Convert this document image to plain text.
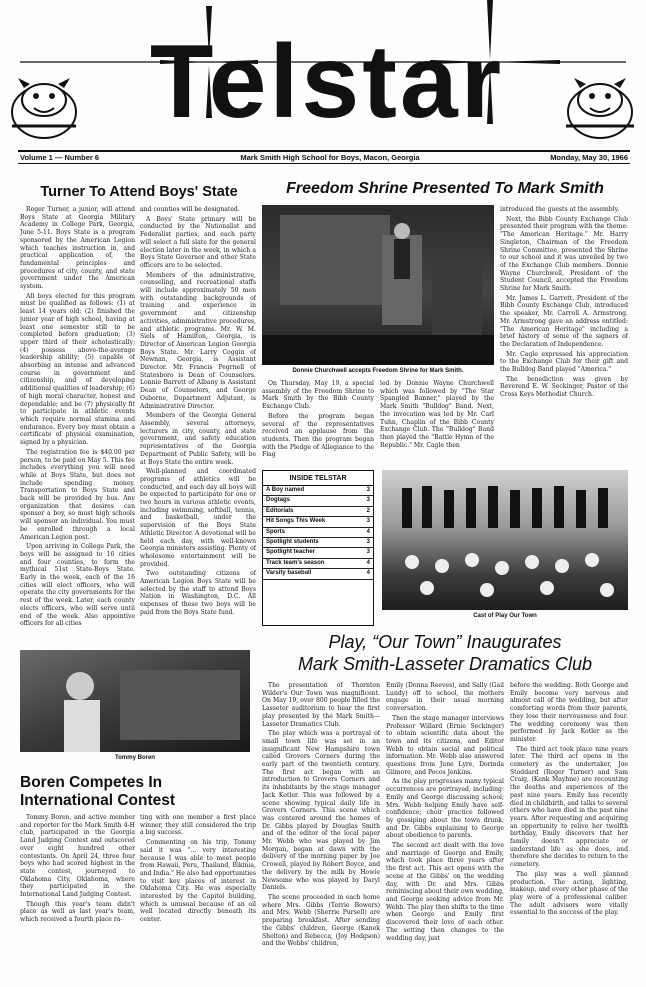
Telstar
Volume 1 — Number 6	Mark Smith High School for Boys, Macon, Georgia	Monday, May 30, 1966
Turner To Attend Boys' State

Roger Turner, a junior, will attend Boys State at Georgia Military Academy in College Park, Georgia, June 5-11. Boys State is a program sponsored by the American Legion which teaches instruction in, and practical application of, the fundamental principles and procedures of city, county, and state government under the American system.

All boys elected for this program must be qualified as follows: (1) at least 14 years old; (2) finished the junior year of high school, having at least one semester still to be completed before graduation; (3) upper third of their scholastically; (4) possess above-the-average leadership ability; (5) capable of absorbing an intense and advanced course in government and citizenship, and of developing additional qualities of leadership; (6) of high moral character, honest and dependable; and be (7) physically fit to participate in athletic events which require normal stamina and endurance. Every boy must obtain a certificate of physical examination, signed by a physician.

The registration fee is $40.00 per person, to be paid on May 5. This fee includes everything you will need while at Boys State, but does not include spending money. Transportation to Boys State and back will be provided by bus. Any organization that desires can sponsor a boy, so must high schools will sponsor an individual. You must be enrolled through a local American Legion post.

Upon arriving in College Park, the boys will be assigned to 16 cities and four counties, to form the mythical 51st State-Boys State. Early in the week, each of the 16 cities will elect officers, who will operate the city governments for the rest of the week. Later, each county elects officers, who will serve until end of the week. Also appointive officers for all cities

and counties will be designated.

A Boys' State primary will be conducted by the Nationalist and Federalist parties, and each party will select a full slate for the general election later in the week, in which a Boys State Governor and other State officers are to be selected.

Members of the administrative, counseling, and recreational staffs will include approximately 50 men with outstanding backgrounds of training and experience in government and citizenship activities, administrative procedures, and athletic programs. Mr. W. M. Siels of Hamilton, Georgia, is Director of American Legion Georgia Boys State. Mr. Larry Coggin of Newnan, Georgia, is Assistant Director. Mr. Francis Pegrnell of Statesboro is Dean of Counselors. Lonnie Barrett of Albany is Assistant Dean of Counselors, and George Osborne, Department Adjutant, is Administrative Director.

Members of the Georgia General Assembly, several attorneys, lecturers in city, county, and state government, and safety education representatives of the Georgia Department of Public Safety, will be at Boys State the entire week.

Well-planned and coordinated programs of athletics will be conducted, and each day all boys will be expected to participate for one or two hours in various athletic events, including swimming, softball, tennis, and basketball, under the supervision of the Boys State Athletic Director. A devotional will be held each day, with well-known Georgia ministers assisting. Plenty of wholesome entertainment will be provided.

Two outstanding citizens of American Legion Boys State will be selected by the staff to attend Boys Nation in Washington, D.C. All expenses of these two boys will be paid from the Boys State fund.

Freedom Shrine Presented To Mark Smith
Donnie Churchwell accepts Freedom Shrine for Mark Smith.

On Thursday, May 19, a special assembly of the Freedom Shrine to Mark Smith by the Bibb County Exchange Club.

Before the program began several of the representatives received an applause from the students. Then the program began with the Pledge of Allegiance to the Flag

led by Donnie Wayne Churchwell which was followed by "The Star Spangled Banner," played by the Mark Smith "Bulldog" Band. Next, the invocation was led by Mr. Carl Tuhn, Chaplin of the Bibb County Exchange Club. The "Bulldog" Band then played the "Battle Hymn of the Republic." Mr. Cagle then

introduced the guests at the assembly.

Next, the Bibb County Exchange Club presented their program with the theme: "The American Heritage." Mr. Harry Singleton, Chairman of the Freedom Shrine Committee, presented the Shrine to our school and it was unveiled by two of the Exchange Club members. Donnie Wayne Churchwell, President of the Student Council, accepted the Freedom Shrine for Mark Smith.

Mr. James L. Garrett, President of the Bibb County Exchange Club, introduced the speaker, Mr. Carroll A. Armstrong. Mr. Armstrong gave an address entitled: "The American Heritage" including a brief history of some of the signers of the Declaration of Independence.

Mr. Cagle expressed his appreciation to the Exchange Club for their gift and the Bulldog Band played "America."

The benediction was given by Reverend E. W. Seckinger, Pastor of the Cross Keys Methodist Church.

INSIDE TELSTAR
A Boy named	3
Dogtags	3
Editorials	2
Hit Songs This Week	3
Sports	4
Spotlight students	3
Spotlight teacher	3
Track team's season	4
Varsity baseball	4
Cast of Play Our Town
Play, “Our Town” Inaugurates
Mark Smith-Lasseter Dramatics Club
Tommy Boren
Boren Competes In
International Contest

Tommy Boren, and active member and reporter for the Mark Smith 4-H club, participated in the Georgia Land Judging Contest and outscored over eight hundred other contestants. On April 24, three four boys who had scored highest in the state contest, journeyed to Oklahoma City, Oklahoma, where they participated in the International Land Judging Contest.

Though this year's team didn't place as well as last year's team, which received a fourth place ra-

ting with one member a first place winner, they still considered the trip a big success.

Commenting on his trip, Tommy said it was "... very interesting because I was able to meet people from Hawaii, Peru, Thailand, Bikinia, and India." He also had opportunities to visit key places of interest in Oklahoma City. He was especially interested by the Capitol building, which is unusual because of an oil well located directly beneath its center.

The presentation of Thornton Wilder's Our Town was magnificent. On May 19, over 800 people filled the Lasseter auditorium to hear the first play presented by the Mark Smith—Lasseter Dramatics Club.

The play which was a portrayal of small town life was set in an insignificant New Hampshire town called Grovers Corners during the early part of the twentieth century. The first act began with an introduction to Grovers Corners and its inhabitants by the stage manager Jack Kotler. This was followed by a scene showing typical daily life in Grovers Corners. This scene which was centered around the homes of Dr. Gibbs played by Douglas Smith and of the editor of the local paper Mr. Webb who was played by Jim Morgan, began at dawn with the delivery of the morning paper by Joe Crowell, played by Robert Boyce, and the delivery by the milk by Howie Newsome who was played by Daryl Daniels.

The scene proceeded in each home where Mrs. Gibbs (Terrie Bowers) and Mrs. Webb (Sherrie Pursell) are preparing breakfast. After sending the Gibbs' children, George (Kanek Shelton) and Rebecca, (Joy Hodgson) and the Webbs' children,

Emily (Donna Reeves), and Sally (Gail Lundy) off to school, the mothers engage in their usual morning conversation.

Then the stage manager interviews Professor Willard (Ernie Seckinger) to obtain scientific data about the town and its citizens, and Editor Webb to obtain social and political information. Mr. Webb also answered questions from June Lyre, Dorinda Gilmore, and Pecos Jenkins.

As the play progresses many typical occurrences are portrayed, including: Emily and George discussing school; Mrs. Webb helping Emily have self-confidence; choir practice followed by gossiping about the town drunk; and Dr. Gibbs explaining to George about obedience to parents.

The second act dealt with the love and marriage of George and Emily, which took place three years after the first act. This act opens with the scene at the Gibbs' on the wedding day, with Dr. and Mrs. Gibbs reminiscing about their own wedding, and George seeking advice from Mr. Webb. The play then shifts to the time when George and Emily first discovered their love of each other. The setting then changes to the wedding day, just

before the wedding. Both George and Emily become very nervous and almost call of the wedding, but after comforting words from their parents, they lose their nervousness and four. The wedding ceremony was then performed by Jack Kotler as the minister.

The third act took place nine years later. The third act opens in the cemetery as the undertaker, Joe Stoddard (Roger Turner) and Sam Craig, (Kenk Mayhne) are recounting the deaths and experiences of the past nine years. Emily has recently died in childbirth, and talks to several others who have died in the past nine years. After requesting and acquiring an opportunity to relive her twelfth birthday, Emily discovers that her family doesn't appreciate or understand life as she does, and therefore she decides to return to the cemetery.

The play was a well planned production. The acting, lighting, makeup, and every other phase of the play were of a professional caliber. The adult advisors were vitally essential to the success of the play.
